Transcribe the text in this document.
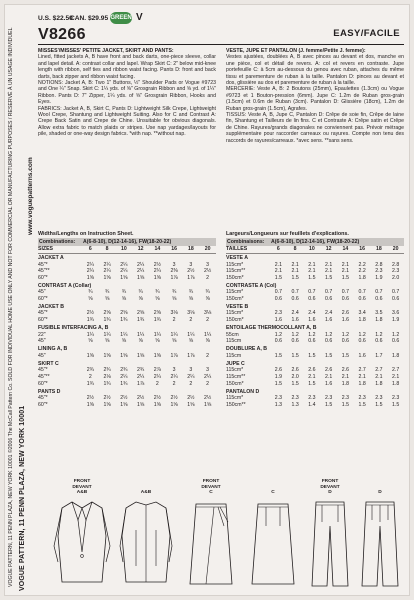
VOGUE PATTERN, 11 PENN PLAZA, NEW YORK 10001 ©2006 The McCall Pattern Co. SOLD FOR INDIVIDUAL HOME USE ONLY AND NOT FOR COMMERCIAL OR MANUFACTURING PURPOSES / RESERVÉ À UN USAGE INDIVIDUEL VOGUE PATTERN, 11 PENN PLAZA, NEW YORK 10001
www.voguepatterns.com
U.S. $22.50
CAN. $29.95 GREEN V
V8266	EASY/FACILE
MISSES'/MISSES' PETITE JACKET, SKIRT AND PANTS:
Lined, fitted jackets A, B have front and back darts, one-piece sleeve, collar and lapel detail. A: contrast collar and lapel. Wrap Skirt C: 2" below mid-knee length with ribbon, self ties and ribbon waist facing. Pants D: front and back darts, back zipper and ribbon waist facing.
NOTIONS: Jacket A, B: Two 1" Buttons, ½" Shoulder Pads or Vogue #9723 and One ¼" Snap. Skirt C: 1¼ yds. of ⅝" Grosgrain Ribbon and ⅝ yd. of 1¼" Ribbon. Pants D: 7" Zipper, 1¼ yds. of ⅝" Grosgrain Ribbon, Hooks and Eyes.
FABRICS: Jacket A, B, Skirt C, Pants D: Lightweight Silk Crepe, Lightweight Wool Crepe, Shantung and Lightweight Suiting. Also for C and Contrast A: Crepe Back Satin and Crepe de Chine. Unsuitable for obvious diagonals. Allow extra fabric to match plaids or stripes. Use nap yardages/layouts for pile, shaded or one-way design fabrics. *with nap. **without nap.
VESTE, JUPE ET PANTALON (J. femme/Petite J. femme):
Vestes ajustées, doublées A, B avec pinces au devant et dos, manche en une pièce, col et détail de revers. A: col et revers en contraste. Jupe portefeuille C: à 5cm au-dessous du genou avec ruban, attaches du même tissu et parementure de ruban à la taille. Pantalon D: pinces au devant et dos, glissière au dos et parementure de ruban à la taille.
MERCERIE: Veste A, B: 2 Boutons (25mm), Epaulettes (1.3cm) ou Vogue #9723 et 1 Bouton-pression (6mm). Jupe C: 1.2m de Ruban gros-grain (1.5cm) et 0.6m de Ruban (3cm). Pantalon D: Glissière (18cm), 1.2m de Ruban gros-grain (1.5cm), Agrafes.
TISSUS: Veste A, B, Jupe C, Pantalon D: Crêpe de soie fin, Crêpe de laine fin, Shantung et Tailleurs de lin fins. C et Contraste A: Crêpe satin et Crêpe de Chine. Rayures/grands diagonales ne conviennent pas. Prévoir métrage supplémentaire pour raccorder carreaux ou rayures. Compte non tenu des raccords de rayures/carreaux. *avec sens. **sans sens.
Widths/Lengths on Instruction Sheet.
Combinations:	A(6-8-10), D(12-14-16), FW(18-20-22)
SIZES	6	8	10	12	14	16	18	20
JACKET A
45"*	2¼	2¼	2¼	2¼	2½	3	3	3
45"**	2¼	2¼	2¼	2¼	2¼	2⅜	2½	2½
60"*	1⅝	1⅝	1⅝	1⅝	1⅝	1⅞	1⅞	2
CONTRAST A (Collar)
45"	¾	¾	¾	¾	¾	¾	¾	¾
60"*	⅝	⅝	⅝	⅝	⅝	⅝	⅝	⅝
JACKET B
45"*	2½	2⅝	2⅝	2⅝	2⅝	3⅛	3⅛	3⅛
60"*	1¾	1¾	1¾	1¾	1¾	2	2	2
FUSIBLE INTERFACING A, B
22"	1¼	1¼	1¼	1¼	1¼	1¼	1¼	1¼
45"	⅝	⅝	⅝	⅝	⅝	⅝	⅝	⅝
LINING A, B
45"	1⅝	1⅝	1⅝	1⅝	1⅝	1⅞	1⅞	2
SKIRT C
45"*	2¾	2¾	2¾	2¾	2⅞	3	3	3
45"**	2	2⅛	2¼	2¼	2¼	2¼	2¼	2¼
60"*	1¾	1¾	1¾	1⅞	2	2	2	2
PANTS D
45"*	2½	2½	2½	2½	2½	2½	2½	2½
60"*	1⅝	1⅝	1⅝	1⅝	1⅝	1⅝	1⅝	1⅝
Largeurs/Longueurs sur feuillets d'explications.
Combinaisons:	A(6-8-10), D(12-14-16), FW(18-20-22)
TAILLES	6	8	10	12	14	16	18	20
VESTE A
115cm*	2.1	2.1	2.1	2.1	2.1	2.2	2.8	2.8
115cm**	2.1	2.1	2.1	2.1	2.1	2.2	2.3	2.3
150cm*	1.5	1.5	1.5	1.5	1.5	1.8	1.9	2.0
CONTRASTE A (Col)
115cm*	0.7	0.7	0.7	0.7	0.7	0.7	0.7	0.7
150cm*	0.6	0.6	0.6	0.6	0.6	0.6	0.6	0.6
VESTE B
115cm*	2.3	2.4	2.4	2.4	2.6	3.4	3.5	3.6
150cm*	1.6	1.6	1.6	1.6	1.6	1.8	1.8	1.9
ENTOILAGE THERMOCOLLANT A, B
55cm	1.2	1.2	1.2	1.2	1.2	1.2	1.2	1.2
115cm	0.6	0.6	0.6	0.6	0.6	0.6	0.6	0.6
DOUBLURE A, B
115cm	1.5	1.5	1.5	1.5	1.5	1.6	1.7	1.8
JUPE C
115cm*	2.6	2.6	2.6	2.6	2.6	2.7	2.7	2.7
115cm**	1.9	2.0	2.1	2.1	2.1	2.1	2.1	2.1
150cm*	1.5	1.5	1.5	1.6	1.8	1.8	1.8	1.8
PANTALON D
115cm*	2.3	2.3	2.3	2.3	2.3	2.3	2.3	2.3
150cm**	1.3	1.3	1.4	1.5	1.5	1.5	1.5	1.5
FRONT
DEVANT
A&B	A&B
FRONT
DEVANT
C	C
FRONT
DEVANT
D	D
